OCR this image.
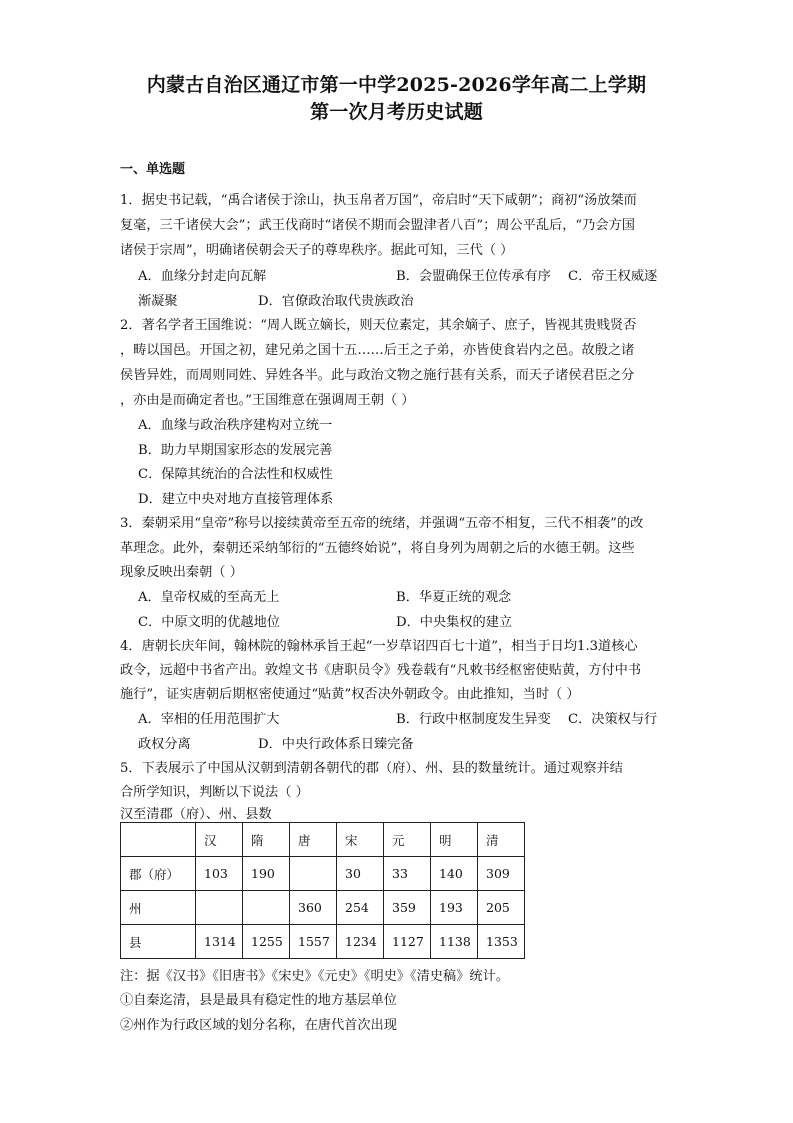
内蒙古自治区通辽市第一中学2025-2026学年高二上学期
第一次月考历史试题
一、单选题
1．据史书记载，“禹合诸侯于涂山，执玉帛者万国”，帝启时“天下咸朝”；商初“汤放桀而
复毫，三千诸侯大会”；武王伐商时“诸侯不期而会盟津者八百”；周公平乱后，“乃会方国
诸侯于宗周”，明确诸侯朝会天子的尊卑秩序。据此可知，三代（ ）
A．血缘分封走向瓦解	B．会盟确保王位传承有序 C．帝王权威逐
渐凝聚	D．官僚政治取代贵族政治
2．著名学者王国维说：“周人既立嫡长，则天位素定，其余嫡子、庶子，皆视其贵贱贤否
，畴以国邑。开国之初，建兄弟之国十五……后王之子弟，亦皆使食岩内之邑。故殷之诸
侯皆异姓，而周则同姓、异姓各半。此与政治文物之施行甚有关系，而天子诸侯君臣之分
，亦由是而确定者也。”王国维意在强调周王朝（ ）
A．血缘与政治秩序建构对立统一
B．助力早期国家形态的发展完善
C．保障其统治的合法性和权威性
D．建立中央对地方直接管理体系
3．秦朝采用“皇帝”称号以接续黄帝至五帝的统绪，并强调“五帝不相复，三代不相袭”的改
革理念。此外，秦朝还采纳邹衍的“五德终始说”，将自身列为周朝之后的水德王朝。这些
现象反映出秦朝（ ）
A．皇帝权威的至高无上	B．华夏正统的观念
C．中原文明的优越地位	D．中央集权的建立
4．唐朝长庆年间，翰林院的翰林承旨王起“一岁草诏四百七十道”，相当于日均1.3道核心
政令，远超中书省产出。敦煌文书《唐职员令》残卷载有“凡敕书经枢密使贴黄，方付中书
施行”，证实唐朝后期枢密使通过“贴黄”权否决外朝政令。由此推知，当时（ ）
A．宰相的任用范围扩大	B．行政中枢制度发生异变 C．决策权与行
政权分离	D．中央行政体系日臻完备
5．下表展示了中国从汉朝到清朝各朝代的郡（府）、州、县的数量统计。通过观察并结
合所学知识，判断以下说法（ ）
汉至清郡（府）、州、县数
	汉	隋	唐	宋	元	明	清
郡（府）	103	190		30	33	140	309
州			360	254	359	193	205
县	1314	1255	1557	1234	1127	1138	1353
注：据《汉书》《旧唐书》《宋史》《元史》《明史》《清史稿》统计。
①自秦迄清，县是最具有稳定性的地方基层单位
②州作为行政区域的划分名称，在唐代首次出现
